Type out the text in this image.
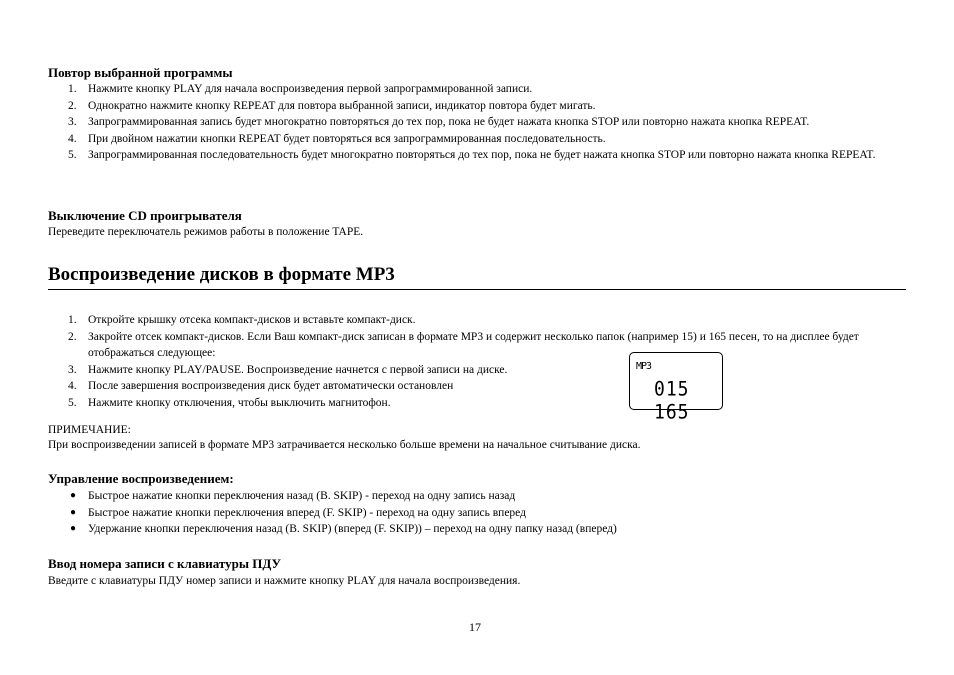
Повтор выбранной программы
1. Нажмите кнопку PLAY для начала воспроизведения первой запрограммированной записи.
2. Однократно нажмите кнопку REPEAT для повтора выбранной записи, индикатор повтора будет мигать.
3. Запрограммированная запись будет многократно повторяться до тех пор, пока не будет нажата кнопка STOP или повторно нажата кнопка REPEAT.
4. При двойном нажатии кнопки REPEAT будет повторяться вся запрограммированная последовательность.
5. Запрограммированная последовательность будет многократно повторяться до тех пор, пока не будет нажата кнопка STOP или повторно нажата кнопка REPEAT.
Выключение CD проигрывателя

Переведите переключатель режимов работы в положение TAPE.

Воспроизведение дисков в формате MP3
1. Откройте крышку отсека компакт-дисков и вставьте компакт-диск.
2. Закройте отсек компакт-дисков. Если Ваш компакт-диск записан в формате MP3 и содержит несколько папок (например 15) и 165 песен, то на дисплее будет отображаться следующее:
3. Нажмите кнопку PLAY/PAUSE. Воспроизведение начнется с первой записи на диске.
4. После завершения воспроизведения диск будет автоматически остановлен
5. Нажмите кнопку отключения, чтобы выключить магнитофон.
MP3
015 165

ПРИМЕЧАНИЕ:

При воспроизведении записей в формате MP3 затрачивается несколько больше времени на начальное считывание диска.

Управление воспроизведением:
● Быстрое нажатие кнопки переключения назад (B. SKIP) - переход на одну запись назад
● Быстрое нажатие кнопки переключения вперед (F. SKIP) - переход на одну запись вперед
● Удержание кнопки переключения назад (B. SKIP) (вперед (F. SKIP)) – переход на одну папку назад (вперед)
Ввод номера записи с клавиатуры ПДУ

Введите с клавиатуры ПДУ номер записи и нажмите кнопку PLAY для начала воспроизведения.

17
